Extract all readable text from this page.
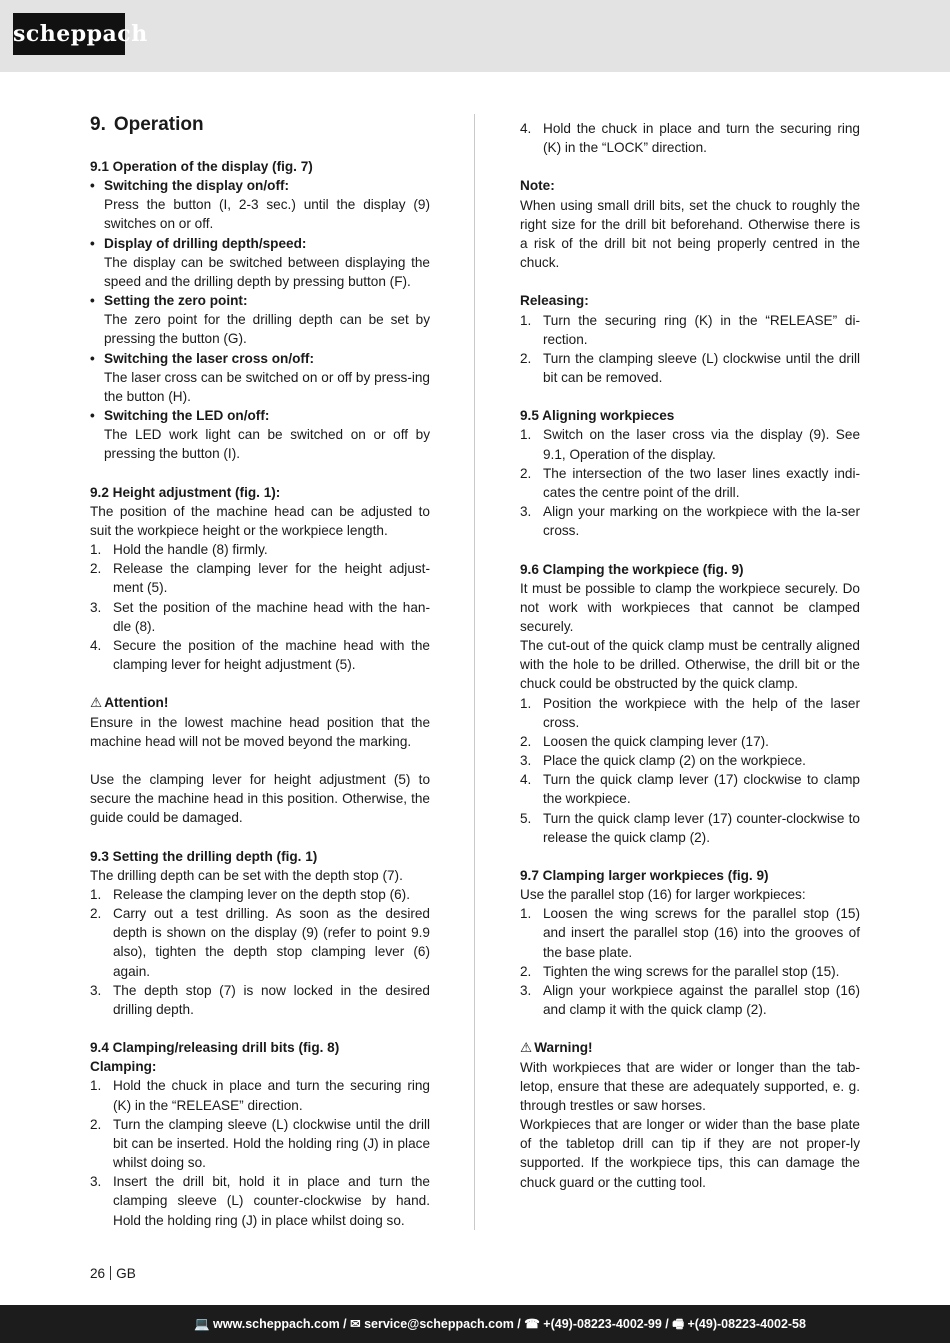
scheppach
9. Operation
9.1 Operation of the display (fig. 7)
• Switching the display on/off:
Press the button (I, 2-3 sec.) until the display (9) switches on or off.
• Display of drilling depth/speed:
The display can be switched between displaying the speed and the drilling depth by pressing button (F).
• Setting the zero point:
The zero point for the drilling depth can be set by pressing the button (G).
• Switching the laser cross on/off:
The laser cross can be switched on or off by press-ing the button (H).
• Switching the LED on/off:
The LED work light can be switched on or off by pressing the button (I).
9.2 Height adjustment (fig. 1):
The position of the machine head can be adjusted to suit the workpiece height or the workpiece length.
1. Hold the handle (8) firmly.
2. Release the clamping lever for the height adjust-ment (5).
3. Set the position of the machine head with the han-dle (8).
4. Secure the position of the machine head with the clamping lever for height adjustment (5).
⚠ Attention!
Ensure in the lowest machine head position that the machine head will not be moved beyond the marking.
Use the clamping lever for height adjustment (5) to secure the machine head in this position. Otherwise, the guide could be damaged.
9.3 Setting the drilling depth (fig. 1)
The drilling depth can be set with the depth stop (7).
1. Release the clamping lever on the depth stop (6).
2. Carry out a test drilling. As soon as the desired depth is shown on the display (9) (refer to point 9.9 also), tighten the depth stop clamping lever (6) again.
3. The depth stop (7) is now locked in the desired drilling depth.
9.4 Clamping/releasing drill bits (fig. 8)
Clamping:
1. Hold the chuck in place and turn the securing ring (K) in the “RELEASE” direction.
2. Turn the clamping sleeve (L) clockwise until the drill bit can be inserted. Hold the holding ring (J) in place whilst doing so.
3. Insert the drill bit, hold it in place and turn the clamping sleeve (L) counter-clockwise by hand. Hold the holding ring (J) in place whilst doing so.
4. Hold the chuck in place and turn the securing ring (K) in the “LOCK” direction.
Note:
When using small drill bits, set the chuck to roughly the right size for the drill bit beforehand. Otherwise there is a risk of the drill bit not being properly centred in the chuck.
Releasing:
1. Turn the securing ring (K) in the “RELEASE” di-rection.
2. Turn the clamping sleeve (L) clockwise until the drill bit can be removed.
9.5 Aligning workpieces
1. Switch on the laser cross via the display (9). See 9.1, Operation of the display.
2. The intersection of the two laser lines exactly indi-cates the centre point of the drill.
3. Align your marking on the workpiece with the la-ser cross.
9.6 Clamping the workpiece (fig. 9)
It must be possible to clamp the workpiece securely. Do not work with workpieces that cannot be clamped securely.
The cut-out of the quick clamp must be centrally aligned with the hole to be drilled. Otherwise, the drill bit or the chuck could be obstructed by the quick clamp.
1. Position the workpiece with the help of the laser cross.
2. Loosen the quick clamping lever (17).
3. Place the quick clamp (2) on the workpiece.
4. Turn the quick clamp lever (17) clockwise to clamp the workpiece.
5. Turn the quick clamp lever (17) counter-clockwise to release the quick clamp (2).
9.7 Clamping larger workpieces (fig. 9)
Use the parallel stop (16) for larger workpieces:
1. Loosen the wing screws for the parallel stop (15) and insert the parallel stop (16) into the grooves of the base plate.
2. Tighten the wing screws for the parallel stop (15).
3. Align your workpiece against the parallel stop (16) and clamp it with the quick clamp (2).
⚠ Warning!
With workpieces that are wider or longer than the tab-letop, ensure that these are adequately supported, e. g. through trestles or saw horses.
Workpieces that are longer or wider than the base plate of the tabletop drill can tip if they are not proper-ly supported. If the workpiece tips, this can damage the chuck guard or the cutting tool.
26 GB
💻 www.scheppach.com / ✉ service@scheppach.com / ☎ +(49)-08223-4002-99 / 🖷 +(49)-08223-4002-58
